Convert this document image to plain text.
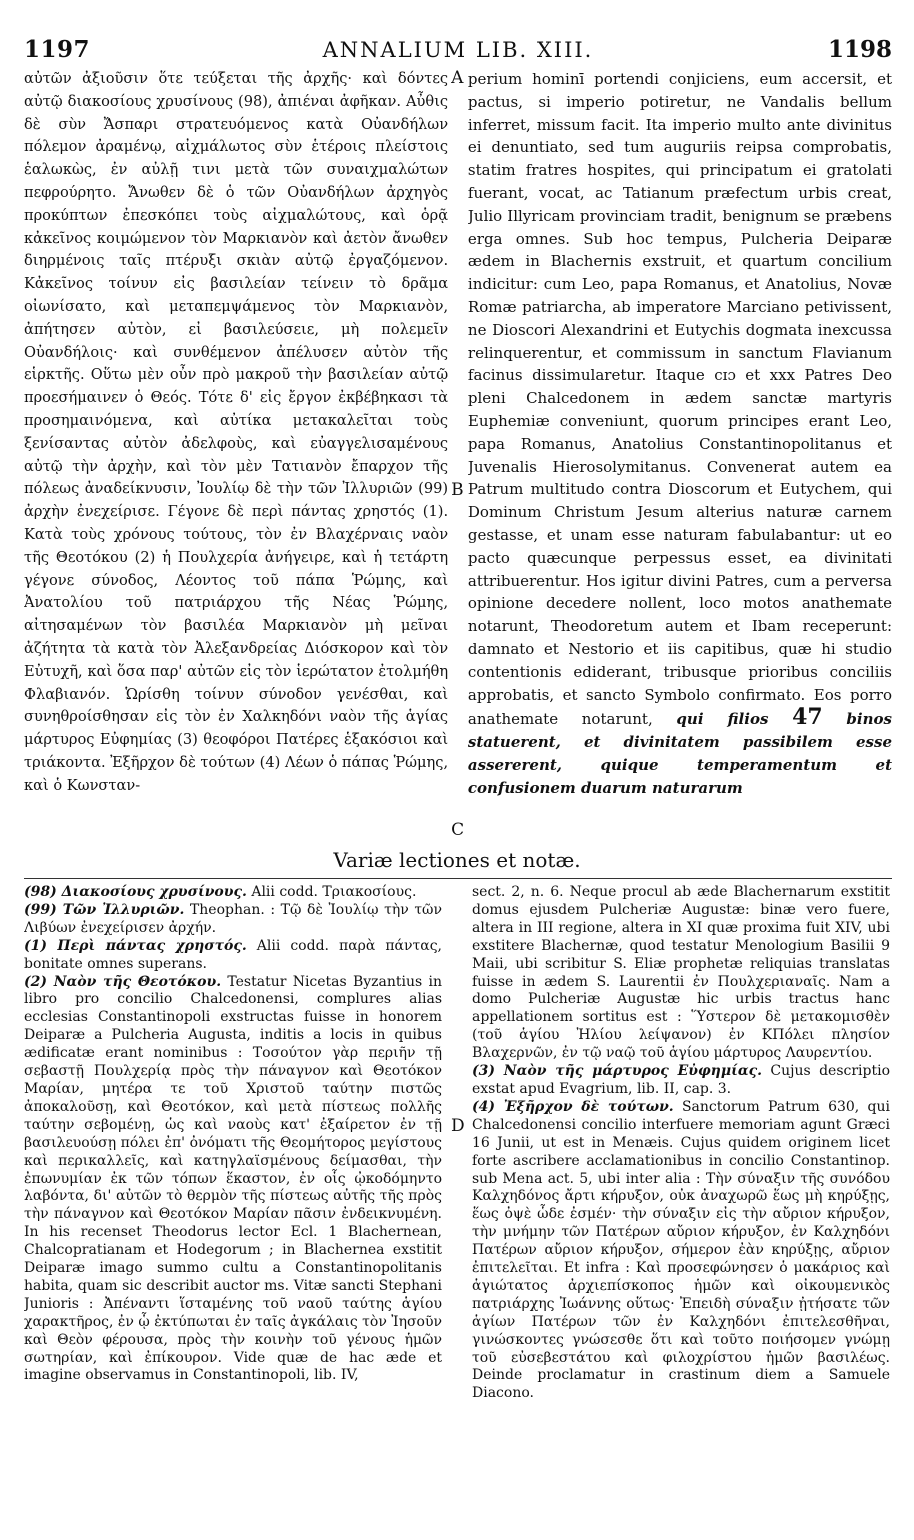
1197	ANNALIUM LIB. XIII.	1198

αὐτῶν ἀξιοῦσιν ὅτε τεύξεται τῆς ἀρχῆς· καὶ δόντες αὐτῷ διακοσίους χρυσίνους (98), ἀπιέναι ἀφῆκαν. Αὖθις δὲ σὺν Ἄσπαρι στρατευόμενος κατὰ Οὐανδήλων πόλεμον ἀραμένῳ, αἰχμάλωτος σὺν ἑτέροις πλείστοις ἑαλωκὼς, ἐν αὐλῇ τινι μετὰ τῶν συναιχμαλώτων πεφρούρητο. Ἄνωθεν δὲ ὁ τῶν Οὐανδήλων ἀρχηγὸς προκύπτων ἐπεσκόπει τοὺς αἰχμαλώτους, καὶ ὁρᾷ κἀκεῖνος κοιμώμενον τὸν Μαρκιανὸν καὶ ἀετὸν ἄνωθεν διηρμένοις ταῖς πτέρυξι σκιὰν αὐτῷ ἐργαζόμενον. Κἀκεῖνος τοίνυν εἰς βασιλείαν τείνειν τὸ δρᾶμα οἰωνίσατο, καὶ μεταπεμψάμενος τὸν Μαρκιανὸν, ἀπήτησεν αὐτὸν, εἰ βασιλεύσειε, μὴ πολεμεῖν Οὐανδήλοις· καὶ συνθέμενον ἀπέλυσεν αὐτὸν τῆς εἱρκτῆς. Οὕτω μὲν οὖν πρὸ μακροῦ τὴν βασιλείαν αὐτῷ προεσήμαινεν ὁ Θεός. Τότε δ' εἰς ἔργον ἐκβέβηκασι τὰ προσημαινόμενα, καὶ αὐτίκα μετακαλεῖται τοὺς ξενίσαντας αὐτὸν ἀδελφοὺς, καὶ εὐαγγελισαμένους αὐτῷ τὴν ἀρχὴν, καὶ τὸν μὲν Τατιανὸν ἔπαρχον τῆς πόλεως ἀναδείκνυσιν, Ἰουλίῳ δὲ τὴν τῶν Ἰλλυριῶν (99) ἀρχὴν ἐνεχείρισε. Γέγονε δὲ περὶ πάντας χρηστός (1). Κατὰ τοὺς χρόνους τούτους, τὸν ἐν Βλαχέρναις ναὸν τῆς Θεοτόκου (2) ἡ Πουλχερία ἀνήγειρε, καὶ ἡ τετάρτη γέγονε σύνοδος, Λέοντος τοῦ πάπα Ῥώμης, καὶ Ἀνατολίου τοῦ πατριάρχου τῆς Νέας Ῥώμης, αἰτησαμένων τὸν βασιλέα Μαρκιανὸν μὴ μεῖναι ἀζήτητα τὰ κατὰ τὸν Ἀλεξανδρείας Διόσκορον καὶ τὸν Εὐτυχῆ, καὶ ὅσα παρ' αὐτῶν εἰς τὸν ἱερώτατον ἐτολμήθη Φλαβιανόν. Ὡρίσθη τοίνυν σύνοδον γενέσθαι, καὶ συνηθροίσθησαν εἰς τὸν ἐν Χαλκηδόνι ναὸν τῆς ἁγίας μάρτυρος Εὐφημίας (3) θεοφόροι Πατέρες ἑξακόσιοι καὶ τριάκοντα. Ἐξῆρχον δὲ τούτων (4) Λέων ὁ πάπας Ῥώμης, καὶ ὁ Κωνσταν-

A
B
C

perium hominī portendi conjiciens, eum accersit, et pactus, si imperio potiretur, ne Vandalis bellum inferret, missum facit. Ita imperio multo ante divinitus ei denuntiato, sed tum auguriis reipsa comprobatis, statim fratres hospites, qui principatum ei gratolati fuerant, vocat, ac Tatianum præfectum urbis creat, Julio Illyricam provinciam tradit, benignum se præbens erga omnes. Sub hoc tempus, Pulcheria Deiparæ ædem in Blachernis exstruit, et quartum concilium indicitur: cum Leo, papa Romanus, et Anatolius, Novæ Romæ patriarcha, ab imperatore Marciano petivissent, ne Dioscori Alexandrini et Eutychis dogmata inexcussa relinquerentur, et commissum in sanctum Flavianum facinus dissimularetur. Itaque cɪɔ et xxx Patres Deo pleni Chalcedonem in ædem sanctæ martyris Euphemiæ conveniunt, quorum principes erant Leo, papa Romanus, Anatolius Constantinopolitanus et Juvenalis Hierosolymitanus. Convenerat autem ea Patrum multitudo contra Dioscorum et Eutychem, qui Dominum Christum Jesum alterius naturæ carnem gestasse, et unam esse naturam fabulabantur: ut eo pacto quæcunque perpessus esset, ea divinitati attribuerentur. Hos igitur divini Patres, cum a perversa opinione decedere nollent, loco motos anathemate notarunt, Theodoretum autem et Ibam receperunt: damnato et Nestorio et iis capitibus, quæ hi studio contentionis ediderant, tribusque prioribus conciliis approbatis, et sancto Symbolo confirmato. Eos porro anathemate notarunt, qui filios 47 binos statuerent, et divinitatem passibilem esse assererent, quique temperamentum et confusionem duarum naturarum

Variæ lectiones et notæ.

(98) Διακοσίους χρυσίνους. Alii codd. Τριακοσίους.

(99) Τῶν Ἰλλυριῶν. Theophan. : Τῷ δὲ Ἰουλίῳ τὴν τῶν Λιβύων ἐνεχείρισεν ἀρχήν.

(1) Περὶ πάντας χρηστός. Alii codd. παρὰ πάντας, bonitate omnes superans.

(2) Ναὸν τῆς Θεοτόκου. Testatur Nicetas Byzantius in libro pro concilio Chalcedonensi, complures alias ecclesias Constantinopoli exstructas fuisse in honorem Deiparæ a Pulcheria Augusta, inditis a locis in quibus ædificatæ erant nominibus : Τοσούτον γὰρ περιῆν τῇ σεβαστῇ Πουλχερίᾳ πρὸς τὴν πάναγνον καὶ Θεοτόκον Μαρίαν, μητέρα τε τοῦ Χριστοῦ ταύτην πιστῶς ἀποκαλοῦσῃ, καὶ Θεοτόκον, καὶ μετὰ πίστεως πολλῆς ταύτην σεβομένῃ, ὡς καὶ ναοὺς κατ' ἐξαίρετον ἐν τῇ βασιλευούσῃ πόλει ἐπ' ὀνόματι τῆς Θεομήτορος μεγίστους καὶ περικαλλεῖς, καὶ κατηγλαϊσμένους δείμασθαι, τὴν ἐπωνυμίαν ἐκ τῶν τόπων ἕκαστον, ἐν οἷς ᾠκοδόμηντο λαβόντα, δι' αὐτῶν τὸ θερμὸν τῆς πίστεως αὐτῆς τῆς πρὸς τὴν πάναγνον καὶ Θεοτόκον Μαρίαν πᾶσιν ἐνδεικνυμένη. In his recenset Theodorus lector Ecl. 1 Blachernean, Chalcopratianam et Hodegorum ; in Blachernea exstitit Deiparæ imago summo cultu a Constantinopolitanis habita, quam sic describit auctor ms. Vitæ sancti Stephani Junioris : Ἀπέναντι ἵσταμένης τοῦ ναοῦ ταύτης ἁγίου χαρακτῆρος, ἐν ᾧ ἐκτύπωται ἐν ταῖς ἀγκάλαις τὸν Ἰησοῦν καὶ Θεὸν φέρουσα, πρὸς τὴν κοινὴν τοῦ γένους ἡμῶν σωτηρίαν, καὶ ἐπίκουρον. Vide quæ de hac æde et imagine observamus in Constantinopoli, lib. IV,

D

sect. 2, n. 6. Neque procul ab æde Blachernarum exstitit domus ejusdem Pulcheriæ Augustæ: binæ vero fuere, altera in III regione, altera in XI quæ proxima fuit XIV, ubi exstitere Blachernæ, quod testatur Menologium Basilii 9 Maii, ubi scribitur S. Eliæ prophetæ reliquias translatas fuisse in ædem S. Laurentii ἐν Πουλχεριαναῖς. Nam a domo Pulcheriæ Augustæ hic urbis tractus hanc appellationem sortitus est : Ὕστερον δὲ μετακομισθὲν (τοῦ ἁγίου Ἠλίου λείψανον) ἐν ΚΠόλει πλησίον Βλαχερνῶν, ἐν τῷ ναῷ τοῦ ἁγίου μάρτυρος Λαυρεντίου.

(3) Ναὸν τῆς μάρτυρος Εὐφημίας. Cujus descriptio exstat apud Evagrium, lib. II, cap. 3.

(4) Ἐξῆρχον δὲ τούτων. Sanctorum Patrum 630, qui Chalcedonensi concilio interfuere memoriam agunt Græci 16 Junii, ut est in Menæis. Cujus quidem originem licet forte ascribere acclamationibus in concilio Constantinop. sub Mena act. 5, ubi inter alia : Τὴν σύναξιν τῆς συνόδου Καλχηδόνος ἄρτι κήρυξον, οὐκ ἀναχωρῶ ἕως μὴ κηρύξῃς, ἕως ὀψὲ ὧδε ἐσμέν· τὴν σύναξιν εἰς τὴν αὔριον κήρυξον, τὴν μνήμην τῶν Πατέρων αὔριον κήρυξον, ἐν Καλχηδόνι Πατέρων αὔριον κήρυξον, σήμερον ἐὰν κηρύξῃς, αὔριον ἐπιτελεῖται. Et infra : Καὶ προσεφώνησεν ὁ μακάριος καὶ ἁγιώτατος ἀρχιεπίσκοπος ἡμῶν καὶ οἰκουμενικὸς πατριάρχης Ἰωάννης οὕτως· Ἐπειδὴ σύναξιν ᾐτήσατε τῶν ἁγίων Πατέρων τῶν ἐν Καλχηδόνι ἐπιτελεσθῆναι, γινώσκοντες γνώσεσθε ὅτι καὶ τοῦτο ποιήσομεν γνώμῃ τοῦ εὐσεβεστάτου καὶ φιλοχρίστου ἡμῶν βασιλέως. Deinde proclamatur in crastinum diem a Samuele Diacono.
